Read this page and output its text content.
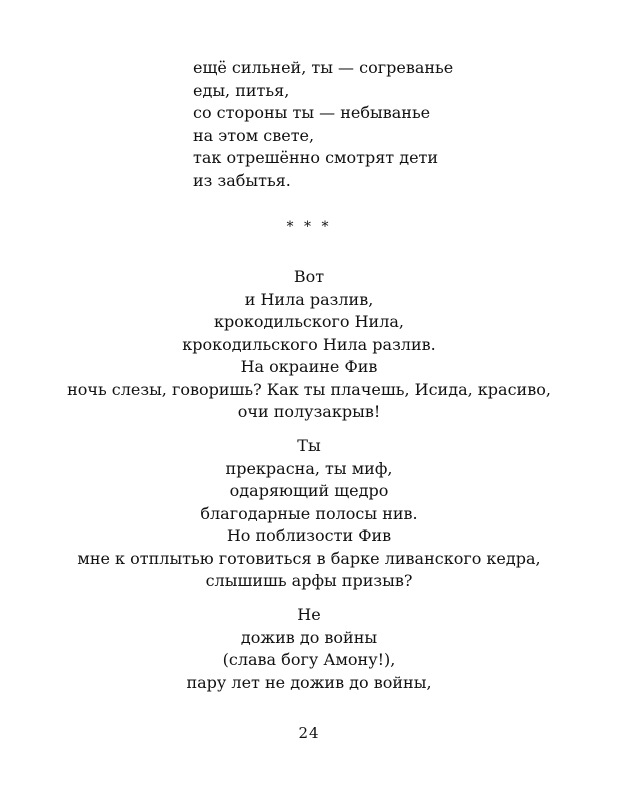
ещё сильней, ты — согреванье
еды, питья,
со стороны ты — небыванье
на этом свете,
так отрешённо смотрят дети
из забытья.
* * *
Вот
и Нила разлив,
крокодильского Нила,
крокодильского Нила разлив.
На окраине Фив
ночь слезы, говоришь? Как ты плачешь, Исида, красиво,
очи полузакрыв!
Ты
прекрасна, ты миф,
одаряющий щедро
благодарные полосы нив.
Но поблизости Фив
мне к отплытью готовиться в барке ливанского кедра,
слышишь арфы призыв?
Не
дожив до войны
(слава богу Амону!),
пару лет не дожив до войны,
24
